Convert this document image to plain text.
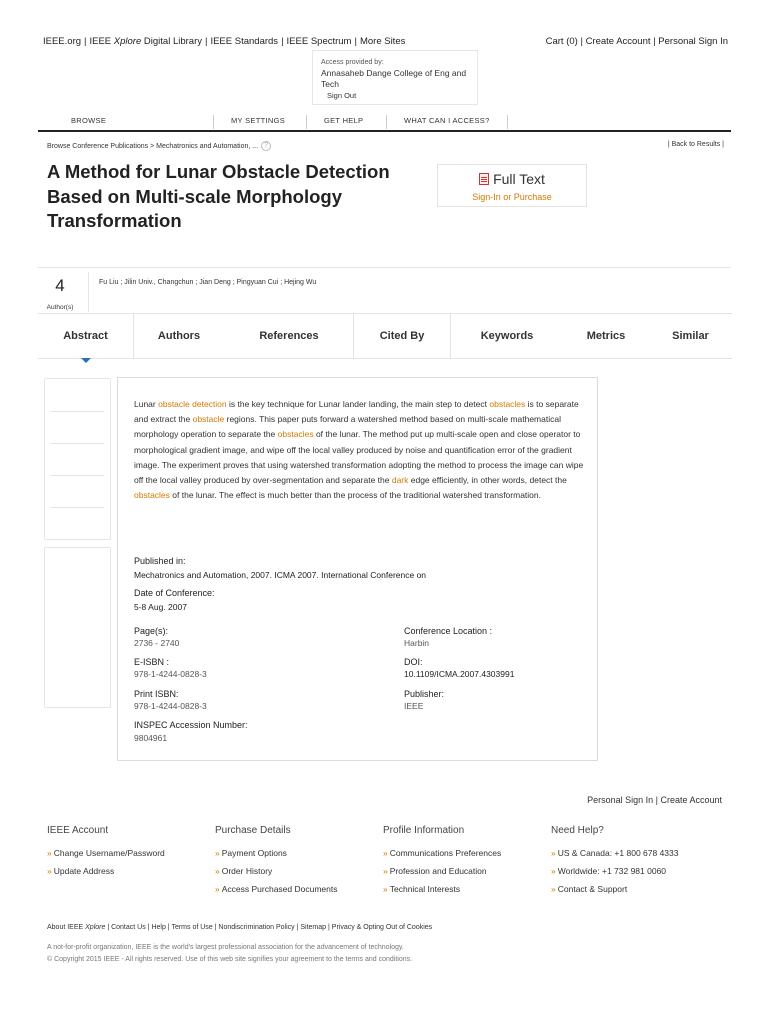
IEEE.org | IEEE Xplore Digital Library | IEEE Standards | IEEE Spectrum | More Sites	Cart (0) | Create Account | Personal Sign In
Access provided by:
Annasaheb Dange College of Eng and Tech
Sign Out
BROWSE	MY SETTINGS	GET HELP	WHAT CAN I ACCESS?
Browse Conference Publications > Mechatronics and Automation, ... ?	| Back to Results |
A Method for Lunar Obstacle Detection Based on Multi-scale Morphology Transformation
Full Text
Sign-In or Purchase
4
Author(s)
Fu Liu ; Jilin Univ., Changchun ; Jian Deng ; Pingyuan Cui ; Hejing Wu
Abstract	Authors	References	Cited By	Keywords	Metrics	Similar
Lunar obstacle detection is the key technique for Lunar lander landing, the main step to detect obstacles is to separate and extract the obstacle regions. This paper puts forward a watershed method based on multi-scale mathematical morphology operation to separate the obstacles of the lunar. The method put up multi-scale open and close operator to morphological gradient image, and wipe off the local valley produced by noise and quantification error of the gradient image. The experiment proves that using watershed transformation adopting the method to process the image can wipe off the local valley produced by over-segmentation and separate the dark edge efficiently, in other words, detect the obstacles of the lunar. The effect is much better than the process of the traditional watershed transformation.
Published in:
Mechatronics and Automation, 2007. ICMA 2007. International Conference on
Date of Conference:
5-8 Aug. 2007
Page(s):
2736 - 2740
E-ISBN :
978-1-4244-0828-3
Print ISBN:
978-1-4244-0828-3
INSPEC Accession Number:
9804961
Conference Location :
Harbin
DOI:
10.1109/ICMA.2007.4303991
Publisher:
IEEE
Personal Sign In | Create Account
IEEE Account
» Change Username/Password
» Update Address
Purchase Details
» Payment Options
» Order History
» Access Purchased Documents
Profile Information
» Communications Preferences
» Profession and Education
» Technical Interests
Need Help?
» US & Canada: +1 800 678 4333
» Worldwide: +1 732 981 0060
» Contact & Support
About IEEE Xplore | Contact Us | Help | Terms of Use | Nondiscrimination Policy | Sitemap | Privacy & Opting Out of Cookies
A not-for-profit organization, IEEE is the world's largest professional association for the advancement of technology.
© Copyright 2015 IEEE - All rights reserved. Use of this web site signifies your agreement to the terms and conditions.
